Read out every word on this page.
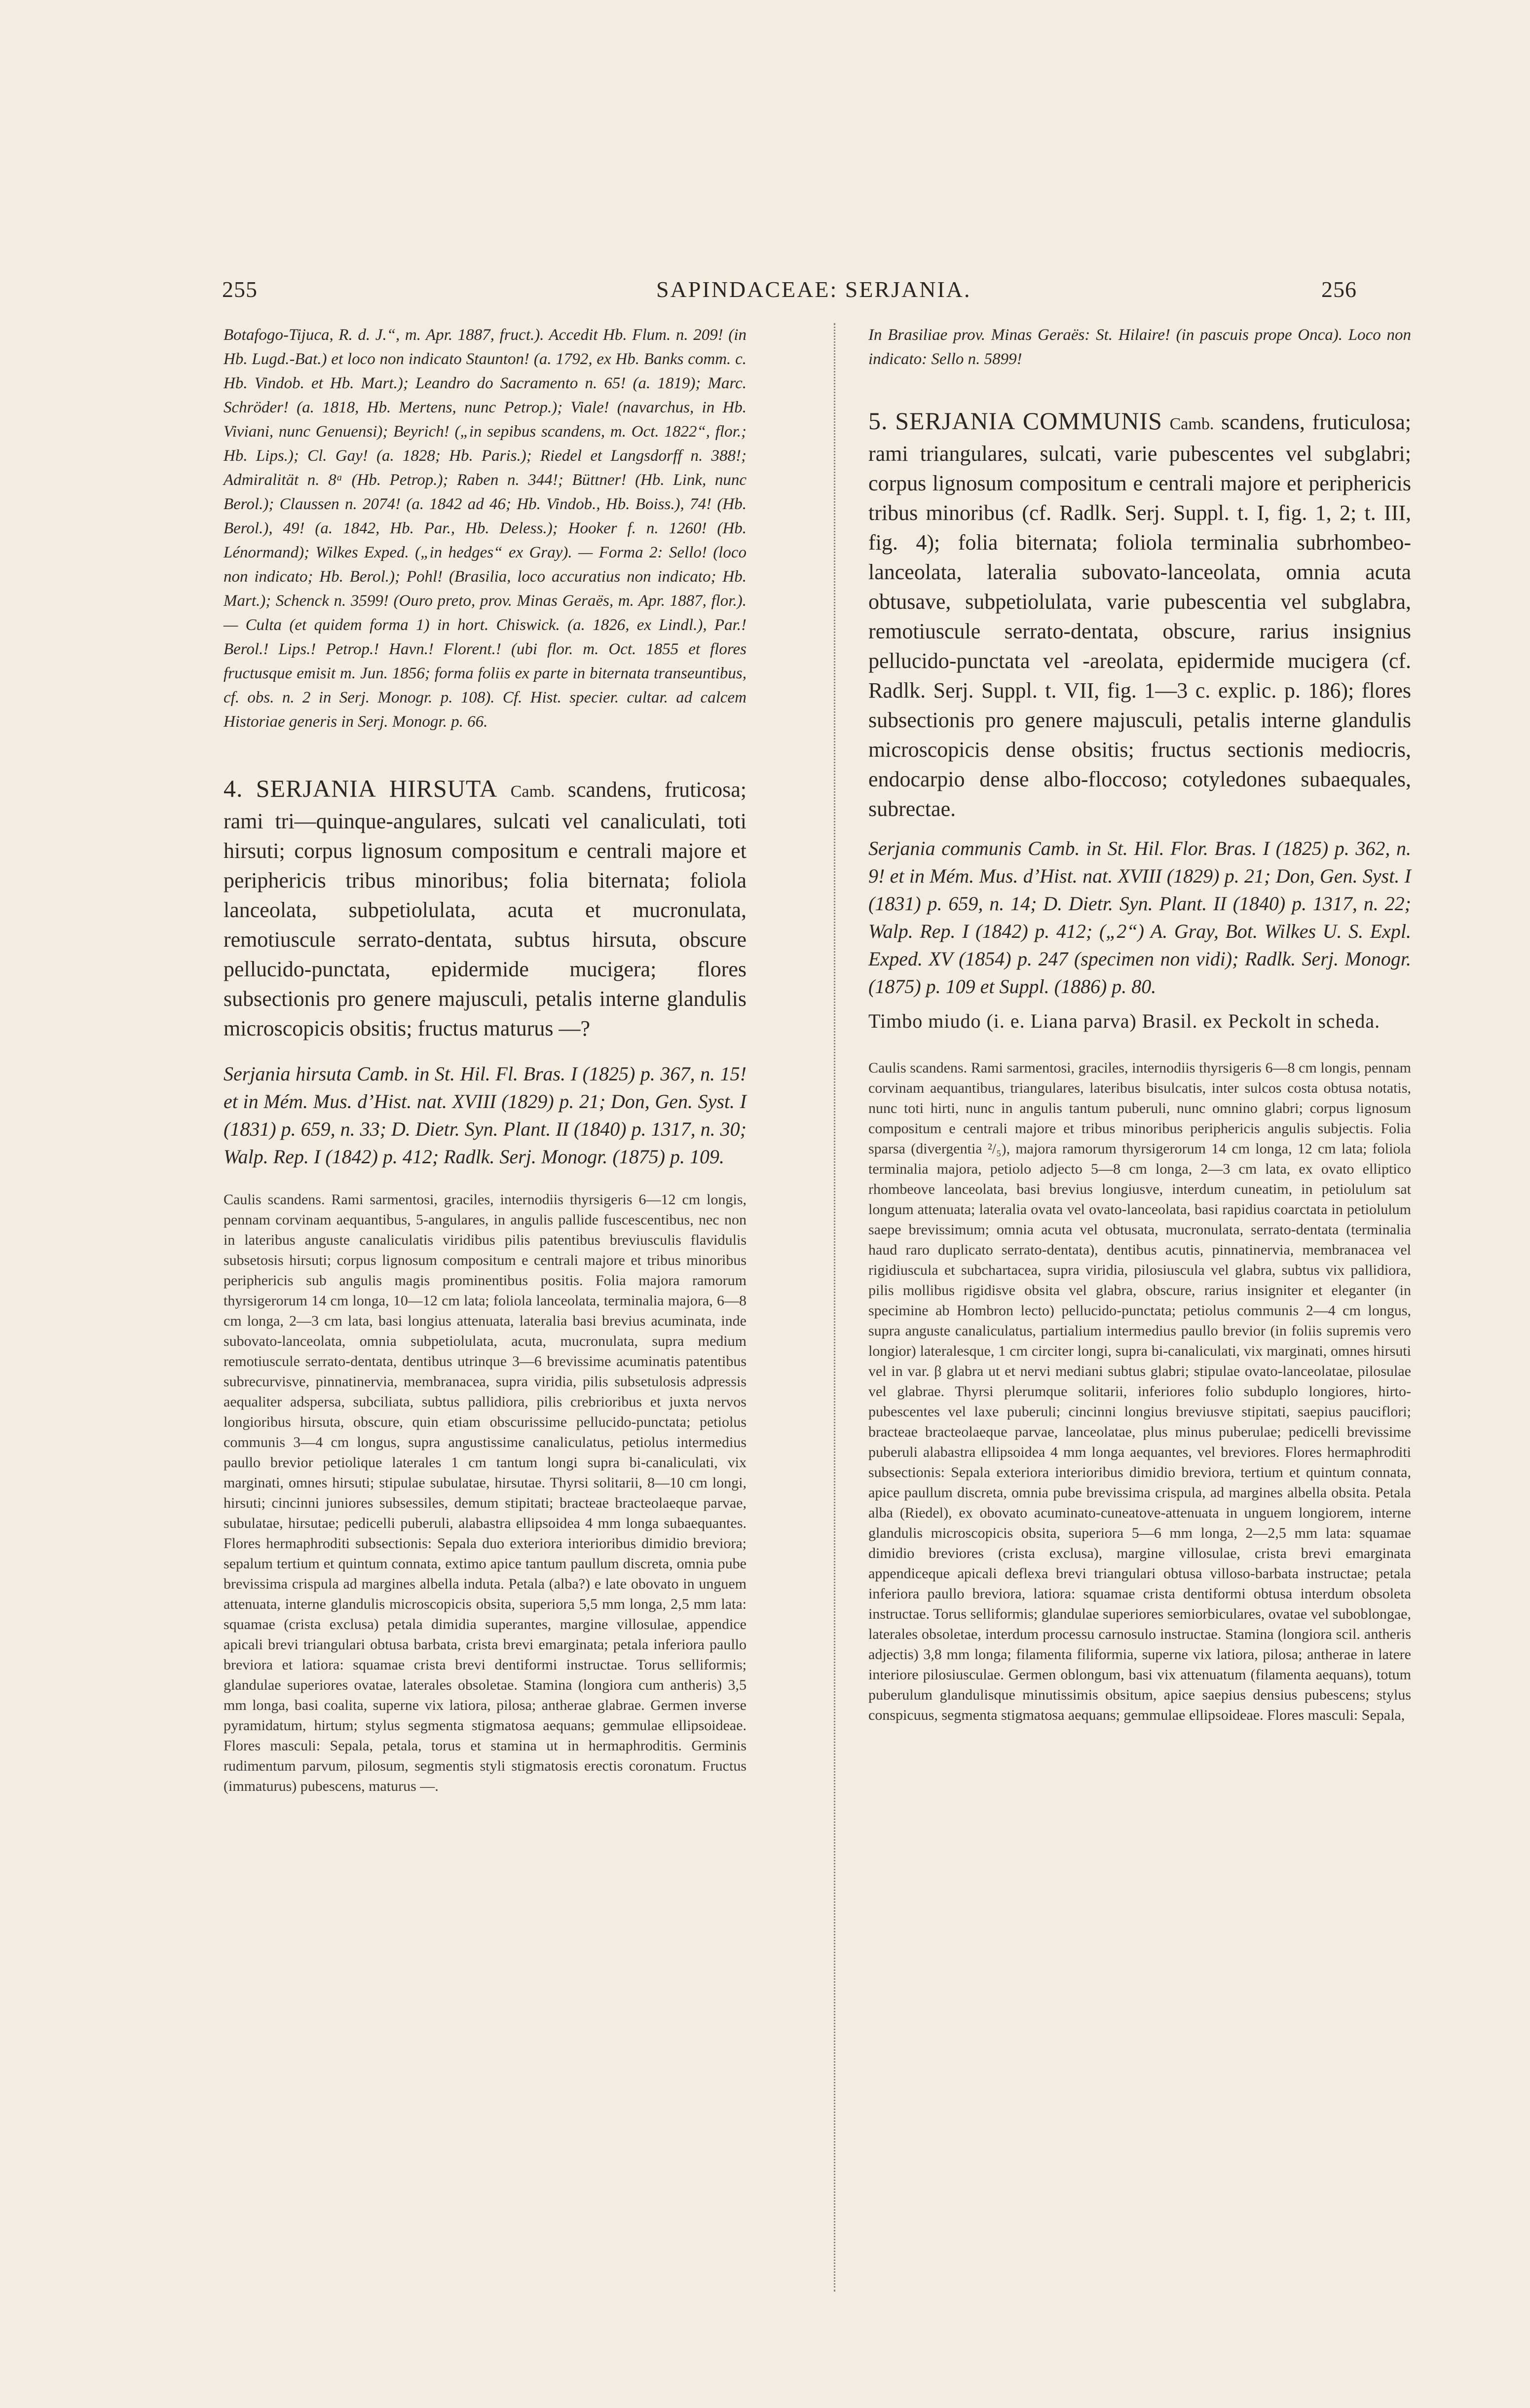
255	SAPINDACEAE: SERJANIA.	256

Botafogo-Tijuca, R. d. J.“, m. Apr. 1887, fruct.). Accedit Hb. Flum. n. 209! (in Hb. Lugd.-Bat.) et loco non indicato Staunton! (a. 1792, ex Hb. Banks comm. c. Hb. Vindob. et Hb. Mart.); Leandro do Sacramento n. 65! (a. 1819); Marc. Schröder! (a. 1818, Hb. Mertens, nunc Petrop.); Viale! (navarchus, in Hb. Viviani, nunc Genuensi); Beyrich! („in sepibus scandens, m. Oct. 1822“, flor.; Hb. Lips.); Cl. Gay! (a. 1828; Hb. Paris.); Riedel et Langsdorff n. 388!; Admiralität n. 8ᵃ (Hb. Petrop.); Raben n. 344!; Büttner! (Hb. Link, nunc Berol.); Claussen n. 2074! (a. 1842 ad 46; Hb. Vindob., Hb. Boiss.), 74! (Hb. Berol.), 49! (a. 1842, Hb. Par., Hb. Deless.); Hooker f. n. 1260! (Hb. Lénormand); Wilkes Exped. („in hedges“ ex Gray). — Forma 2: Sello! (loco non indicato; Hb. Berol.); Pohl! (Brasilia, loco accuratius non indicato; Hb. Mart.); Schenck n. 3599! (Ouro preto, prov. Minas Geraës, m. Apr. 1887, flor.). — Culta (et quidem forma 1) in hort. Chiswick. (a. 1826, ex Lindl.), Par.! Berol.! Lips.! Petrop.! Havn.! Florent.! (ubi flor. m. Oct. 1855 et flores fructusque emisit m. Jun. 1856; forma foliis ex parte in biternata transeuntibus, cf. obs. n. 2 in Serj. Monogr. p. 108). Cf. Hist. specier. cultar. ad calcem Historiae generis in Serj. Monogr. p. 66.

4. SERJANIA HIRSUTA Camb. scandens, fruticosa; rami tri—quinque-angulares, sulcati vel canaliculati, toti hirsuti; corpus lignosum compositum e centrali majore et periphericis tribus minoribus; folia biternata; foliola lanceolata, subpetiolulata, acuta et mucronulata, remotiuscule serrato-dentata, subtus hirsuta, obscure pellucido-punctata, epidermide mucigera; flores subsectionis pro genere majusculi, petalis interne glandulis microscopicis obsitis; fructus maturus —?

Serjania hirsuta Camb. in St. Hil. Fl. Bras. I (1825) p. 367, n. 15! et in Mém. Mus. d’Hist. nat. XVIII (1829) p. 21; Don, Gen. Syst. I (1831) p. 659, n. 33; D. Dietr. Syn. Plant. II (1840) p. 1317, n. 30; Walp. Rep. I (1842) p. 412; Radlk. Serj. Monogr. (1875) p. 109.

Caulis scandens. Rami sarmentosi, graciles, internodiis thyrsigeris 6—12 cm longis, pennam corvinam aequantibus, 5-angulares, in angulis pallide fuscescentibus, nec non in lateribus anguste canaliculatis viridibus pilis patentibus breviusculis flavidulis subsetosis hirsuti; corpus lignosum compositum e centrali majore et tribus minoribus periphericis sub angulis magis prominentibus positis. Folia majora ramorum thyrsigerorum 14 cm longa, 10—12 cm lata; foliola lanceolata, terminalia majora, 6—8 cm longa, 2—3 cm lata, basi longius attenuata, lateralia basi brevius acuminata, inde subovato-lanceolata, omnia subpetiolulata, acuta, mucronulata, supra medium remotiuscule serrato-dentata, dentibus utrinque 3—6 brevissime acuminatis patentibus subrecurvisve, pinnatinervia, membranacea, supra viridia, pilis subsetulosis adpressis aequaliter adspersa, subciliata, subtus pallidiora, pilis crebrioribus et juxta nervos longioribus hirsuta, obscure, quin etiam obscurissime pellucido-punctata; petiolus communis 3—4 cm longus, supra angustissime canaliculatus, petiolus intermedius paullo brevior petiolique laterales 1 cm tantum longi supra bi-canaliculati, vix marginati, omnes hirsuti; stipulae subulatae, hirsutae. Thyrsi solitarii, 8—10 cm longi, hirsuti; cincinni juniores subsessiles, demum stipitati; bracteae bracteolaeque parvae, subulatae, hirsutae; pedicelli puberuli, alabastra ellipsoidea 4 mm longa subaequantes. Flores hermaphroditi subsectionis: Sepala duo exteriora interioribus dimidio breviora; sepalum tertium et quintum connata, extimo apice tantum paullum discreta, omnia pube brevissima crispula ad margines albella induta. Petala (alba?) e late obovato in unguem attenuata, interne glandulis microscopicis obsita, superiora 5,5 mm longa, 2,5 mm lata: squamae (crista exclusa) petala dimidia superantes, margine villosulae, appendice apicali brevi triangulari obtusa barbata, crista brevi emarginata; petala inferiora paullo breviora et latiora: squamae crista brevi dentiformi instructae. Torus selliformis; glandulae superiores ovatae, laterales obsoletae. Stamina (longiora cum antheris) 3,5 mm longa, basi coalita, superne vix latiora, pilosa; antherae glabrae. Germen inverse pyramidatum, hirtum; stylus segmenta stigmatosa aequans; gemmulae ellipsoideae. Flores masculi: Sepala, petala, torus et stamina ut in hermaphroditis. Germinis rudimentum parvum, pilosum, segmentis styli stigmatosis erectis coronatum. Fructus (immaturus) pubescens, maturus —.

In Brasiliae prov. Minas Geraës: St. Hilaire! (in pascuis prope Onca). Loco non indicato: Sello n. 5899!

5. SERJANIA COMMUNIS Camb. scandens, fruticulosa; rami triangulares, sulcati, varie pubescentes vel subglabri; corpus lignosum compositum e centrali majore et periphericis tribus minoribus (cf. Radlk. Serj. Suppl. t. I, fig. 1, 2; t. III, fig. 4); folia biternata; foliola terminalia subrhombeo-lanceolata, lateralia subovato-lanceolata, omnia acuta obtusave, subpetiolulata, varie pubescentia vel subglabra, remotiuscule serrato-dentata, obscure, rarius insignius pellucido-punctata vel -areolata, epidermide mucigera (cf. Radlk. Serj. Suppl. t. VII, fig. 1—3 c. explic. p. 186); flores subsectionis pro genere majusculi, petalis interne glandulis microscopicis dense obsitis; fructus sectionis mediocris, endocarpio dense albo-floccoso; cotyledones subaequales, subrectae.

Serjania communis Camb. in St. Hil. Flor. Bras. I (1825) p. 362, n. 9! et in Mém. Mus. d’Hist. nat. XVIII (1829) p. 21; Don, Gen. Syst. I (1831) p. 659, n. 14; D. Dietr. Syn. Plant. II (1840) p. 1317, n. 22; Walp. Rep. I (1842) p. 412; („2“) A. Gray, Bot. Wilkes U. S. Expl. Exped. XV (1854) p. 247 (specimen non vidi); Radlk. Serj. Monogr. (1875) p. 109 et Suppl. (1886) p. 80.

Timbo miudo (i. e. Liana parva) Brasil. ex Peckolt in scheda.

Caulis scandens. Rami sarmentosi, graciles, internodiis thyrsigeris 6—8 cm longis, pennam corvinam aequantibus, triangulares, lateribus bisulcatis, inter sulcos costa obtusa notatis, nunc toti hirti, nunc in angulis tantum puberuli, nunc omnino glabri; corpus lignosum compositum e centrali majore et tribus minoribus periphericis angulis subjectis. Folia sparsa (divergentia ²/₅), majora ramorum thyrsigerorum 14 cm longa, 12 cm lata; foliola terminalia majora, petiolo adjecto 5—8 cm longa, 2—3 cm lata, ex ovato elliptico rhombeove lanceolata, basi brevius longiusve, interdum cuneatim, in petiolulum sat longum attenuata; lateralia ovata vel ovato-lanceolata, basi rapidius coarctata in petiolulum saepe brevissimum; omnia acuta vel obtusata, mucronulata, serrato-dentata (terminalia haud raro duplicato serrato-dentata), dentibus acutis, pinnatinervia, membranacea vel rigidiuscula et subchartacea, supra viridia, pilosiuscula vel glabra, subtus vix pallidiora, pilis mollibus rigidisve obsita vel glabra, obscure, rarius insigniter et eleganter (in specimine ab Hombron lecto) pellucido-punctata; petiolus communis 2—4 cm longus, supra anguste canaliculatus, partialium intermedius paullo brevior (in foliis supremis vero longior) lateralesque, 1 cm circiter longi, supra bi-canaliculati, vix marginati, omnes hirsuti vel in var. β glabra ut et nervi mediani subtus glabri; stipulae ovato-lanceolatae, pilosulae vel glabrae. Thyrsi plerumque solitarii, inferiores folio subduplo longiores, hirto-pubescentes vel laxe puberuli; cincinni longius breviusve stipitati, saepius pauciflori; bracteae bracteolaeque parvae, lanceolatae, plus minus puberulae; pedicelli brevissime puberuli alabastra ellipsoidea 4 mm longa aequantes, vel breviores. Flores hermaphroditi subsectionis: Sepala exteriora interioribus dimidio breviora, tertium et quintum connata, apice paullum discreta, omnia pube brevissima crispula, ad margines albella obsita. Petala alba (Riedel), ex obovato acuminato-cuneatove-attenuata in unguem longiorem, interne glandulis microscopicis obsita, superiora 5—6 mm longa, 2—2,5 mm lata: squamae dimidio breviores (crista exclusa), margine villosulae, crista brevi emarginata appendiceque apicali deflexa brevi triangulari obtusa villoso-barbata instructae; petala inferiora paullo breviora, latiora: squamae crista dentiformi obtusa interdum obsoleta instructae. Torus selliformis; glandulae superiores semiorbiculares, ovatae vel suboblongae, laterales obsoletae, interdum processu carnosulo instructae. Stamina (longiora scil. antheris adjectis) 3,8 mm longa; filamenta filiformia, superne vix latiora, pilosa; antherae in latere interiore pilosiusculae. Germen oblongum, basi vix attenuatum (filamenta aequans), totum puberulum glandulisque minutissimis obsitum, apice saepius densius pubescens; stylus conspicuus, segmenta stigmatosa aequans; gemmulae ellipsoideae. Flores masculi: Sepala,
